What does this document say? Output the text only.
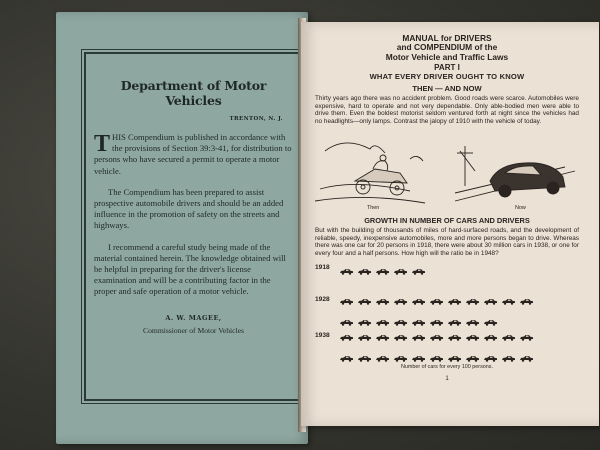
Department of Motor Vehicles
TRENTON, N. J.
THIS Compendium is published in accordance with the provisions of Section 39:3-41, for distribution to persons who have secured a permit to operate a motor vehicle.
The Compendium has been prepared to assist prospective automobile drivers and should be an added influence in the promotion of safety on the streets and highways.
I recommend a careful study being made of the material contained herein. The knowledge obtained will be helpful in preparing for the driver's license examination and will be a contributing factor in the proper and safe operation of a motor vehicle.
A. W. MAGEE,
Commissioner of Motor Vehicles
MANUAL for DRIVERS
and COMPENDIUM of the
Motor Vehicle and Traffic Laws
PART I
WHAT EVERY DRIVER OUGHT TO KNOW
THEN — AND NOW
Thirty years ago there was no accident problem. Good roads were scarce. Automobiles were expensive, hard to operate and not very dependable. Only able-bodied men were able to drive them. Even the boldest motorist seldom ventured forth at night since the vehicles had no headlights—only lamps. Contrast the jalopy of 1910 with the vehicle of today.
Then	Now
GROWTH IN NUMBER OF CARS AND DRIVERS
But with the building of thousands of miles of hard-surfaced roads, and the development of reliable, speedy, inexpensive automobiles, more and more persons began to drive. Whereas there was one car for 20 persons in 1918, there were about 30 million cars in 1938, or one for every four and a half persons. How high will the ratio be in 1948?
1918
1928
1938
Number of cars for every 100 persons.
1
